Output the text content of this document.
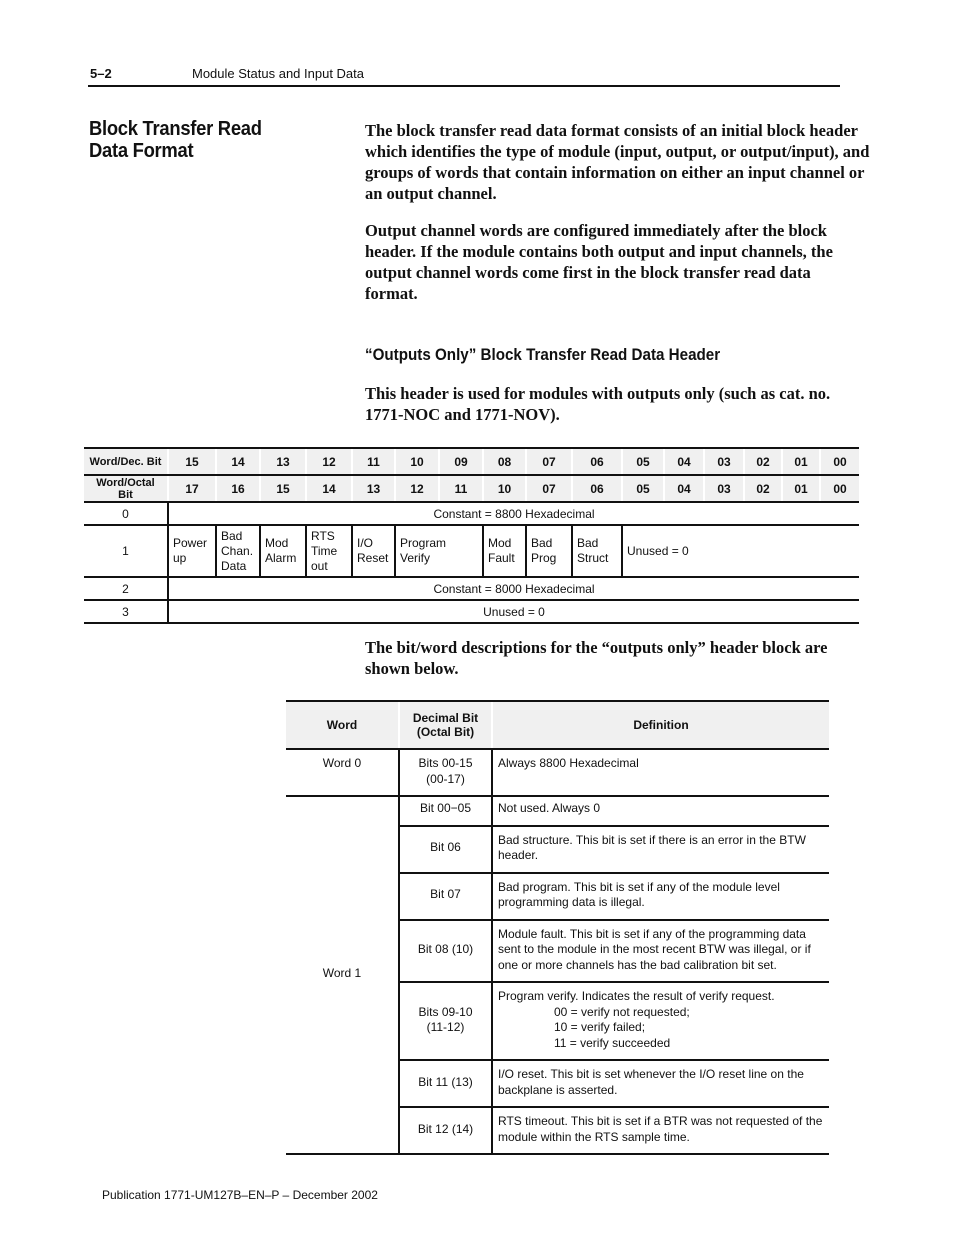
5–2	Module Status and Input Data
Block Transfer Read
Data Format
The block transfer read data format consists of an initial block header which identifies the type of module (input, output, or output/input), and groups of words that contain information on either an input channel or an output channel.
Output channel words are configured immediately after the block header. If the module contains both output and input channels, the output channel words come first in the block transfer read data format.
“Outputs Only” Block Transfer Read Data Header
This header is used for modules with outputs only (such as cat. no. 1771-NOC and 1771-NOV).
Word/Dec. Bit	15	14	13	12	11	10	09	08	07	06	05	04	03	02	01	00
Word/Octal Bit	17	16	15	14	13	12	11	10	07	06	05	04	03	02	01	00
0	Constant = 8800 Hexadecimal															
1	Power up	Bad Chan. Data	Mod Alarm	RTS Time out	I/O Reset	Program Verify		Mod Fault	Bad Prog	Bad Struct	Unused = 0					
2	Constant = 8000 Hexadecimal															
3	Unused = 0															
The bit/word descriptions for the “outputs only” header block are shown below.
Word	Decimal Bit (Octal Bit)	Definition
Word 0	Bits 00-15 (00-17)	Always 8800 Hexadecimal
Word 1	Bit 00−05	Not used. Always 0
	Bit 06	Bad structure. This bit is set if there is an error in the BTW header.
	Bit 07	Bad program. This bit is set if any of the module level programming data is illegal.
	Bit 08 (10)	Module fault. This bit is set if any of the programming data sent to the module in the most recent BTW was illegal, or if one or more channels has the bad calibration bit set.
	Bits 09-10 (11-12)	Program verify. Indicates the result of verify request.
00 = verify not requested;
10 = verify failed;
11 = verify succeeded

	Bit 11 (13)	I/O reset. This bit is set whenever the I/O reset line on the backplane is asserted.
	Bit 12 (14)	RTS timeout. This bit is set if a BTR was not requested of the module within the RTS sample time.
Publication 1771-UM127B–EN–P – December 2002
